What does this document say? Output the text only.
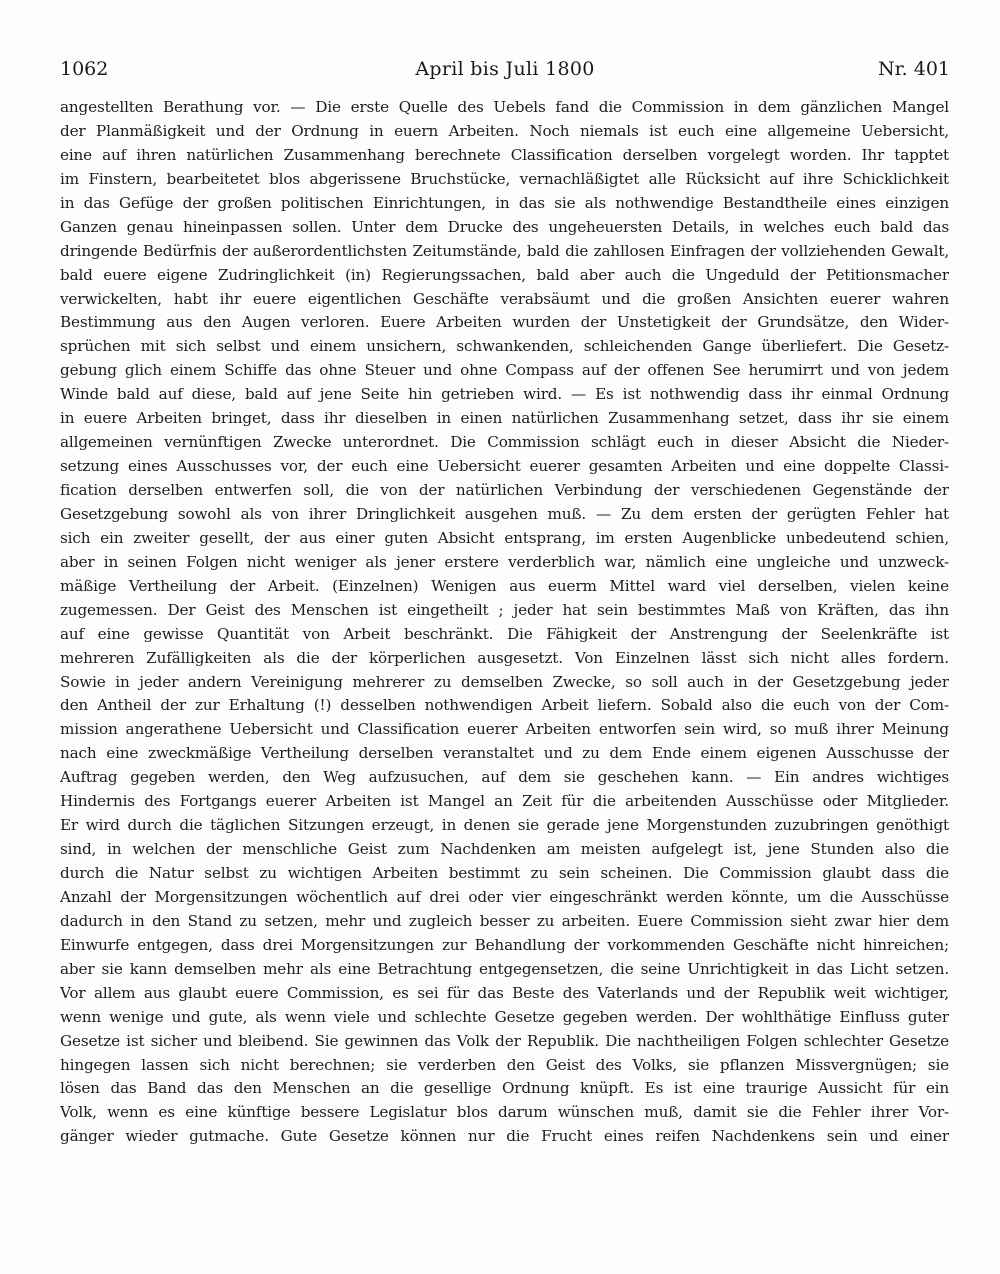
1062	April bis Juli 1800	Nr. 401
angestellten Berathung vor. — Die erste Quelle des Uebels fand die Commission in dem gänzlichen Mangel
der Planmäßigkeit und der Ordnung in euern Arbeiten. Noch niemals ist euch eine allgemeine Uebersicht,
eine auf ihren natürlichen Zusammenhang berechnete Classification derselben vorgelegt worden. Ihr tapptet
im Finstern, bearbeitetet blos abgerissene Bruchstücke, vernachläßigtet alle Rücksicht auf ihre Schicklichkeit
in das Gefüge der großen politischen Einrichtungen, in das sie als nothwendige Bestandtheile eines einzigen
Ganzen genau hineinpassen sollen. Unter dem Drucke des ungeheuersten Details, in welches euch bald das
dringende Bedürfnis der außerordentlichsten Zeitumstände, bald die zahllosen Einfragen der vollziehenden Gewalt,
bald euere eigene Zudringlichkeit (in) Regierungssachen, bald aber auch die Ungeduld der Petitionsmacher
verwickelten, habt ihr euere eigentlichen Geschäfte verabsäumt und die großen Ansichten euerer wahren
Bestimmung aus den Augen verloren. Euere Arbeiten wurden der Unstetigkeit der Grundsätze, den Wider-
sprüchen mit sich selbst und einem unsichern, schwankenden, schleichenden Gange überliefert. Die Gesetz-
gebung glich einem Schiffe das ohne Steuer und ohne Compass auf der offenen See herumirrt und von jedem
Winde bald auf diese, bald auf jene Seite hin getrieben wird. — Es ist nothwendig dass ihr einmal Ordnung
in euere Arbeiten bringet, dass ihr dieselben in einen natürlichen Zusammenhang setzet, dass ihr sie einem
allgemeinen vernünftigen Zwecke unterordnet. Die Commission schlägt euch in dieser Absicht die Nieder-
setzung eines Ausschusses vor, der euch eine Uebersicht euerer gesamten Arbeiten und eine doppelte Classi-
fication derselben entwerfen soll, die von der natürlichen Verbindung der verschiedenen Gegenstände der
Gesetzgebung sowohl als von ihrer Dringlichkeit ausgehen muß. — Zu dem ersten der gerügten Fehler hat
sich ein zweiter gesellt, der aus einer guten Absicht entsprang, im ersten Augenblicke unbedeutend schien,
aber in seinen Folgen nicht weniger als jener erstere verderblich war, nämlich eine ungleiche und unzweck-
mäßige Vertheilung der Arbeit. (Einzelnen) Wenigen aus euerm Mittel ward viel derselben, vielen keine
zugemessen. Der Geist des Menschen ist eingetheilt ; jeder hat sein bestimmtes Maß von Kräften, das ihn
auf eine gewisse Quantität von Arbeit beschränkt. Die Fähigkeit der Anstrengung der Seelenkräfte ist
mehreren Zufälligkeiten als die der körperlichen ausgesetzt. Von Einzelnen lässt sich nicht alles fordern.
Sowie in jeder andern Vereinigung mehrerer zu demselben Zwecke, so soll auch in der Gesetzgebung jeder
den Antheil der zur Erhaltung (!) desselben nothwendigen Arbeit liefern. Sobald also die euch von der Com-
mission angerathene Uebersicht und Classification euerer Arbeiten entworfen sein wird, so muß ihrer Meinung
nach eine zweckmäßige Vertheilung derselben veranstaltet und zu dem Ende einem eigenen Ausschusse der
Auftrag gegeben werden, den Weg aufzusuchen, auf dem sie geschehen kann. — Ein andres wichtiges
Hindernis des Fortgangs euerer Arbeiten ist Mangel an Zeit für die arbeitenden Ausschüsse oder Mitglieder.
Er wird durch die täglichen Sitzungen erzeugt, in denen sie gerade jene Morgenstunden zuzubringen genöthigt
sind, in welchen der menschliche Geist zum Nachdenken am meisten aufgelegt ist, jene Stunden also die
durch die Natur selbst zu wichtigen Arbeiten bestimmt zu sein scheinen. Die Commission glaubt dass die
Anzahl der Morgensitzungen wöchentlich auf drei oder vier eingeschränkt werden könnte, um die Ausschüsse
dadurch in den Stand zu setzen, mehr und zugleich besser zu arbeiten. Euere Commission sieht zwar hier dem
Einwurfe entgegen, dass drei Morgensitzungen zur Behandlung der vorkommenden Geschäfte nicht hinreichen;
aber sie kann demselben mehr als eine Betrachtung entgegensetzen, die seine Unrichtigkeit in das Licht setzen.
Vor allem aus glaubt euere Commission, es sei für das Beste des Vaterlands und der Republik weit wichtiger,
wenn wenige und gute, als wenn viele und schlechte Gesetze gegeben werden. Der wohlthätige Einfluss guter
Gesetze ist sicher und bleibend. Sie gewinnen das Volk der Republik. Die nachtheiligen Folgen schlechter Gesetze
hingegen lassen sich nicht berechnen; sie verderben den Geist des Volks, sie pflanzen Missvergnügen; sie
lösen das Band das den Menschen an die gesellige Ordnung knüpft. Es ist eine traurige Aussicht für ein
Volk, wenn es eine künftige bessere Legislatur blos darum wünschen muß, damit sie die Fehler ihrer Vor-
gänger wieder gutmache. Gute Gesetze können nur die Frucht eines reifen Nachdenkens sein und einer
